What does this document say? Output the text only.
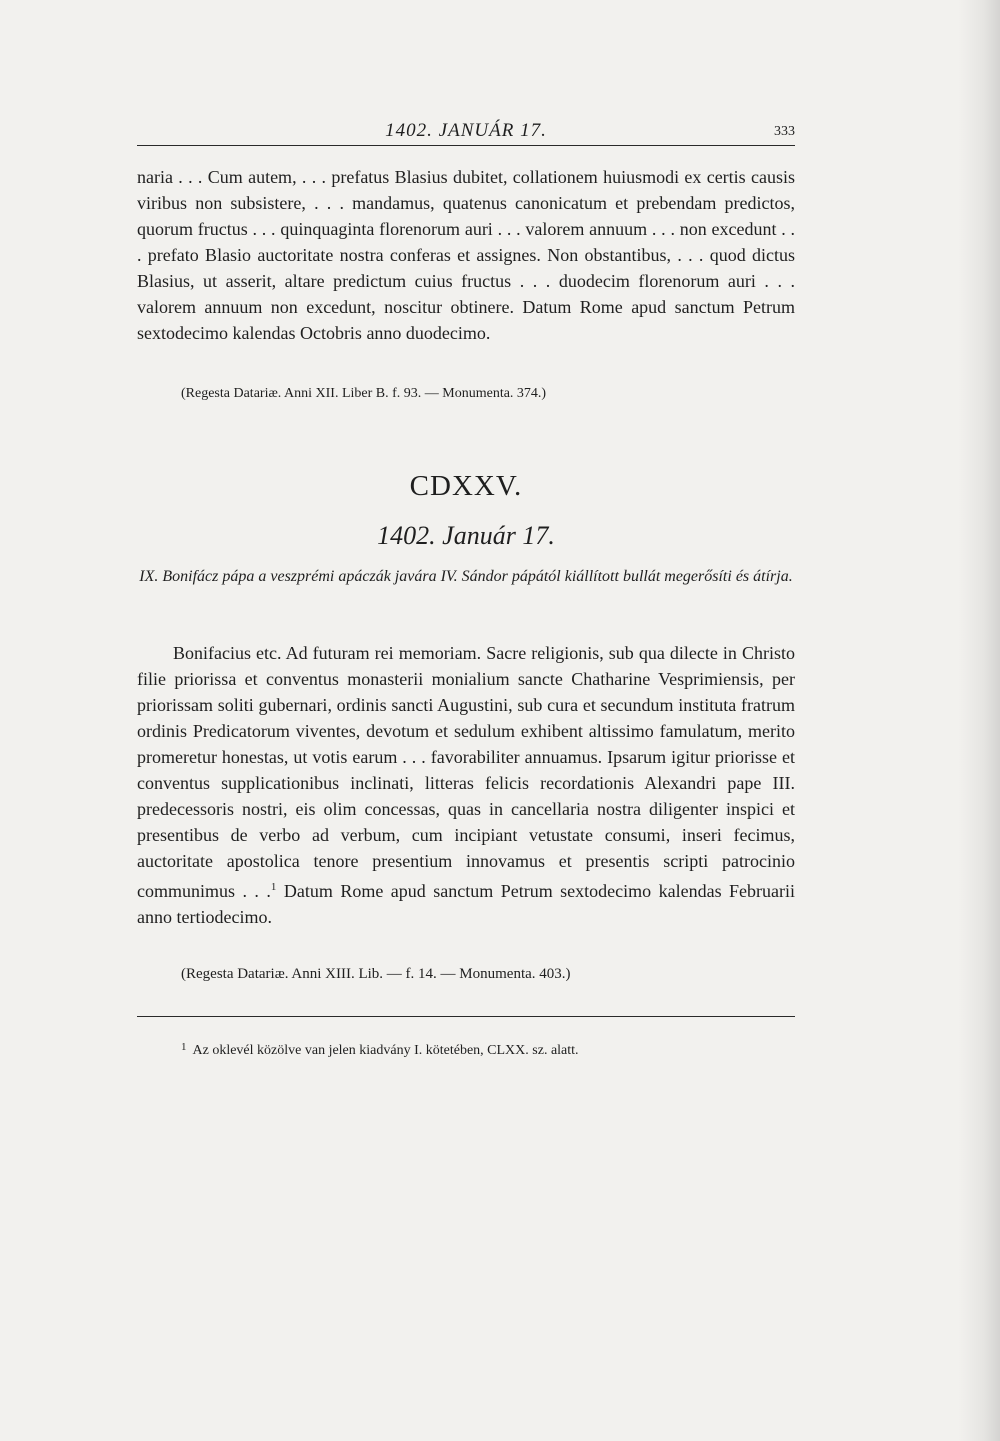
1402. JANUÁR 17.	333
naria . . . Cum autem, . . . prefatus Blasius dubitet, collationem huiusmodi ex certis causis viribus non subsistere, . . . mandamus, quatenus canonicatum et prebendam predictos, quorum fructus . . . quinquaginta florenorum auri . . . valorem annuum . . . non excedunt . . . prefato Blasio auctoritate nostra conferas et assignes. Non obstantibus, . . . quod dictus Blasius, ut asserit, altare predictum cuius fructus . . . duodecim florenorum auri . . . valorem annuum non excedunt, noscitur obtinere. Datum Rome apud sanctum Petrum sextodecimo kalendas Octobris anno duodecimo.
(Regesta Datariæ. Anni XII. Liber B. f. 93. — Monumenta. 374.)
CDXXV.
1402. Január 17.
IX. Bonifácz pápa a veszprémi apáczák javára IV. Sándor pápától kiállított bullát megerősíti és átírja.
Bonifacius etc. Ad futuram rei memoriam. Sacre religionis, sub qua dilecte in Christo filie priorissa et conventus monasterii monialium sancte Chatharine Vesprimiensis, per priorissam soliti gubernari, ordinis sancti Augustini, sub cura et secundum instituta fratrum ordinis Predicatorum viventes, devotum et sedulum exhibent altissimo famulatum, merito promeretur honestas, ut votis earum . . . favorabiliter annuamus. Ipsarum igitur priorisse et conventus supplicationibus inclinati, litteras felicis recordationis Alexandri pape III. predecessoris nostri, eis olim concessas, quas in cancellaria nostra diligenter inspici et presentibus de verbo ad verbum, cum incipiant vetustate consumi, inseri fecimus, auctoritate apostolica tenore presentium innovamus et presentis scripti patrocinio communimus . . .$^1$ Datum Rome apud sanctum Petrum sextodecimo kalendas Februarii anno tertiodecimo.
(Regesta Datariæ. Anni XIII. Lib. — f. 14. — Monumenta. 403.)
$^1$ Az oklevél közölve van jelen kiadvány I. kötetében, CLXX. sz. alatt.
